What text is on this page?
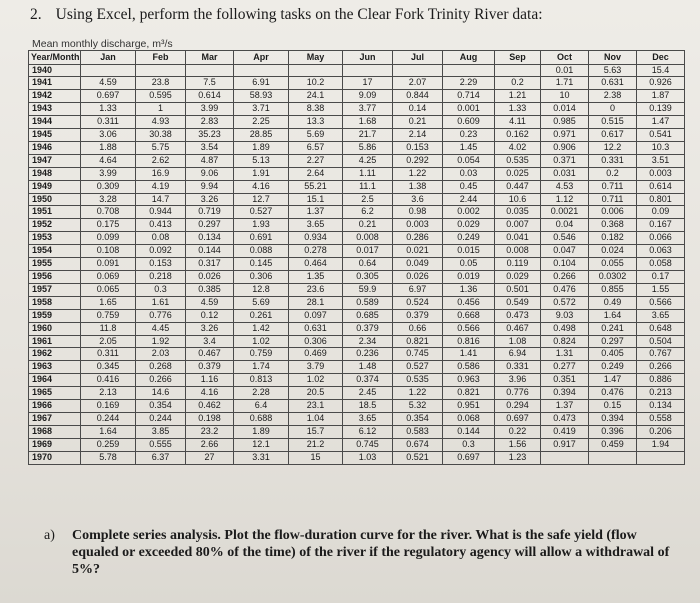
2. Using Excel, perform the following tasks on the Clear Fork Trinity River data:
Mean monthly discharge, m³/s
Year/Month	Jan	Feb	Mar	Apr	May	Jun	Jul	Aug	Sep	Oct	Nov	Dec
1940										0.01	5.63	15.4
1941	4.59	23.8	7.5	6.91	10.2	17	2.07	2.29	0.2	1.71	0.631	0.926
1942	0.697	0.595	0.614	58.93	24.1	9.09	0.844	0.714	1.21	10	2.38	1.87
1943	1.33	1	3.99	3.71	8.38	3.77	0.14	0.001	1.33	0.014	0	0.139
1944	0.311	4.93	2.83	2.25	13.3	1.68	0.21	0.609	4.11	0.985	0.515	1.47
1945	3.06	30.38	35.23	28.85	5.69	21.7	2.14	0.23	0.162	0.971	0.617	0.541
1946	1.88	5.75	3.54	1.89	6.57	5.86	0.153	1.45	4.02	0.906	12.2	10.3
1947	4.64	2.62	4.87	5.13	2.27	4.25	0.292	0.054	0.535	0.371	0.331	3.51
1948	3.99	16.9	9.06	1.91	2.64	1.11	1.22	0.03	0.025	0.031	0.2	0.003
1949	0.309	4.19	9.94	4.16	55.21	11.1	1.38	0.45	0.447	4.53	0.711	0.614
1950	3.28	14.7	3.26	12.7	15.1	2.5	3.6	2.44	10.6	1.12	0.711	0.801
1951	0.708	0.944	0.719	0.527	1.37	6.2	0.98	0.002	0.035	0.0021	0.006	0.09
1952	0.175	0.413	0.297	1.93	3.65	0.21	0.003	0.029	0.007	0.04	0.368	0.167
1953	0.099	0.08	0.134	0.691	0.934	0.008	0.286	0.249	0.041	0.546	0.182	0.066
1954	0.108	0.092	0.144	0.088	0.278	0.017	0.021	0.015	0.008	0.047	0.024	0.063
1955	0.091	0.153	0.317	0.145	0.464	0.64	0.049	0.05	0.119	0.104	0.055	0.058
1956	0.069	0.218	0.026	0.306	1.35	0.305	0.026	0.019	0.029	0.266	0.0302	0.17
1957	0.065	0.3	0.385	12.8	23.6	59.9	6.97	1.36	0.501	0.476	0.855	1.55
1958	1.65	1.61	4.59	5.69	28.1	0.589	0.524	0.456	0.549	0.572	0.49	0.566
1959	0.759	0.776	0.12	0.261	0.097	0.685	0.379	0.668	0.473	9.03	1.64	3.65
1960	11.8	4.45	3.26	1.42	0.631	0.379	0.66	0.566	0.467	0.498	0.241	0.648
1961	2.05	1.92	3.4	1.02	0.306	2.34	0.821	0.816	1.08	0.824	0.297	0.504
1962	0.311	2.03	0.467	0.759	0.469	0.236	0.745	1.41	6.94	1.31	0.405	0.767
1963	0.345	0.268	0.379	1.74	3.79	1.48	0.527	0.586	0.331	0.277	0.249	0.266
1964	0.416	0.266	1.16	0.813	1.02	0.374	0.535	0.963	3.96	0.351	1.47	0.886
1965	2.13	14.6	4.16	2.28	20.5	2.45	1.22	0.821	0.776	0.394	0.476	0.213
1966	0.169	0.354	0.462	6.4	23.1	18.5	5.32	0.951	0.294	1.37	0.15	0.134
1967	0.244	0.244	0.198	0.688	1.04	3.65	0.354	0.068	0.697	0.473	0.394	0.558
1968	1.64	3.85	23.2	1.89	15.7	6.12	0.583	0.144	0.22	0.419	0.396	0.206
1969	0.259	0.555	2.66	12.1	21.2	0.745	0.674	0.3	1.56	0.917	0.459	1.94
1970	5.78	6.37	27	3.31	15	1.03	0.521	0.697	1.23			
a) Complete series analysis. Plot the flow-duration curve for the river. What is the safe yield (flow equaled or exceeded 80% of the time) of the river if the regulatory agency will allow a withdrawal of 5%?
